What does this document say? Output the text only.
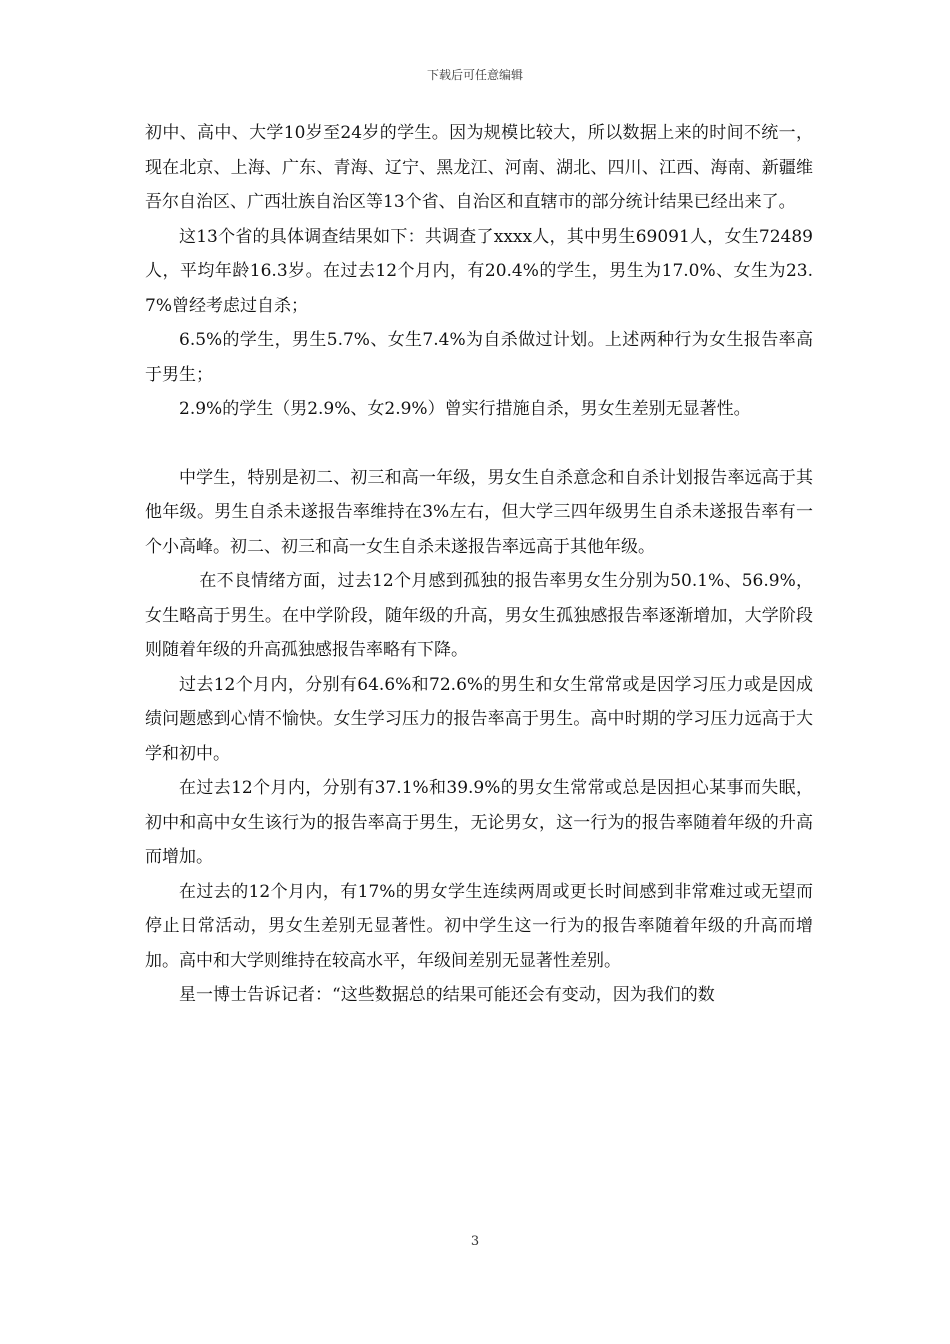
下载后可任意编辑

初中、高中、大学10岁至24岁的学生。因为规模比较大，所以数据上来的时间不统一，现在北京、上海、广东、青海、辽宁、黑龙江、河南、湖北、四川、江西、海南、新疆维吾尔自治区、广西壮族自治区等13个省、自治区和直辖市的部分统计结果已经出来了。

这13个省的具体调查结果如下：共调查了xxxx人，其中男生69091人，女生72489人，平均年龄16.3岁。在过去12个月内，有20.4%的学生，男生为17.0%、女生为23.7%曾经考虑过自杀；

6.5%的学生，男生5.7%、女生7.4%为自杀做过计划。上述两种行为女生报告率高于男生；

2.9%的学生（男2.9%、女2.9%）曾实行措施自杀，男女生差别无显著性。

中学生，特别是初二、初三和高一年级，男女生自杀意念和自杀计划报告率远高于其他年级。男生自杀未遂报告率维持在3%左右，但大学三四年级男生自杀未遂报告率有一个小高峰。初二、初三和高一女生自杀未遂报告率远高于其他年级。

在不良情绪方面，过去12个月感到孤独的报告率男女生分别为50.1%、56.9%，女生略高于男生。在中学阶段，随年级的升高，男女生孤独感报告率逐渐增加，大学阶段则随着年级的升高孤独感报告率略有下降。

过去12个月内，分别有64.6%和72.6%的男生和女生常常或是因学习压力或是因成绩问题感到心情不愉快。女生学习压力的报告率高于男生。高中时期的学习压力远高于大学和初中。

在过去12个月内，分别有37.1%和39.9%的男女生常常或总是因担心某事而失眠，初中和高中女生该行为的报告率高于男生，无论男女，这一行为的报告率随着年级的升高而增加。

在过去的12个月内，有17%的男女学生连续两周或更长时间感到非常难过或无望而停止日常活动，男女生差别无显著性。初中学生这一行为的报告率随着年级的升高而增加。高中和大学则维持在较高水平，年级间差别无显著性差别。

星一博士告诉记者：“这些数据总的结果可能还会有变动，因为我们的数

3
